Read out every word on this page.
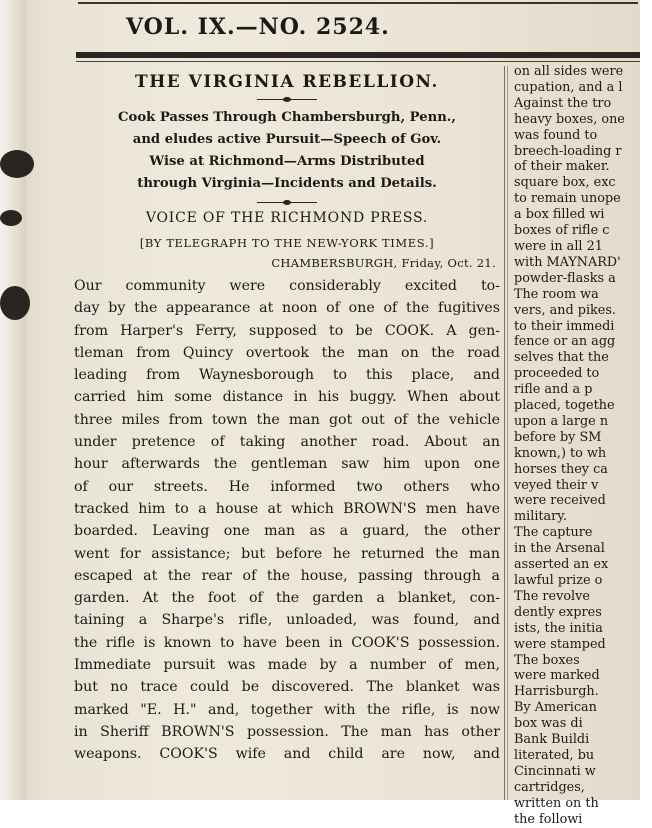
VOL. IX.—NO. 2524.
THE VIRGINIA REBELLION.
Cook Passes Through Chambersburgh, Penn.,
and eludes active Pursuit—Speech of Gov.
Wise at Richmond—Arms Distributed
through Virginia—Incidents and Details.
VOICE OF THE RICHMOND PRESS.
[BY TELEGRAPH TO THE NEW-YORK TIMES.]
CHAMBERSBURGH, Friday, Oct. 21.
Our community were considerably excited to-
day by the appearance at noon of one of the fugitives
from Harper's Ferry, supposed to be COOK. A gen-
tleman from Quincy overtook the man on the road
leading from Waynesborough to this place, and
carried him some distance in his buggy. When about
three miles from town the man got out of the vehicle
under pretence of taking another road. About an
hour afterwards the gentleman saw him upon one
of our streets. He informed two others who
tracked him to a house at which BROWN'S men have
boarded. Leaving one man as a guard, the other
went for assistance; but before he returned the man
escaped at the rear of the house, passing through a
garden. At the foot of the garden a blanket, con-
taining a Sharpe's rifle, unloaded, was found, and
the rifle is known to have been in COOK'S possession.
Immediate pursuit was made by a number of men,
but no trace could be discovered. The blanket was
marked "E. H." and, together with the rifle, is now
in Sheriff BROWN'S possession. The man has other
weapons. COOK'S wife and child are now, and
on all sides were
cupation, and a l
Against the tro
heavy boxes, one
was found to
breech-loading r
of their maker.
square box, exc
to remain unope
a box filled wi
boxes of rifle c
were in all 21
with MAYNARD'
powder-flasks a
The room wa
vers, and pikes.
to their immedi
fence or an agg
selves that the
proceeded to
rifle and a p
placed, togethe
upon a large n
before by SM
known,) to wh
horses they ca
veyed their v
were received
military.
The capture
in the Arsenal
asserted an ex
lawful prize o
The revolve
dently expres
ists, the initia
were stamped
The boxes
were marked
Harrisburgh.
By American
box was di
Bank Buildi
literated, bu
Cincinnati w
cartridges,
written on th
the followi
